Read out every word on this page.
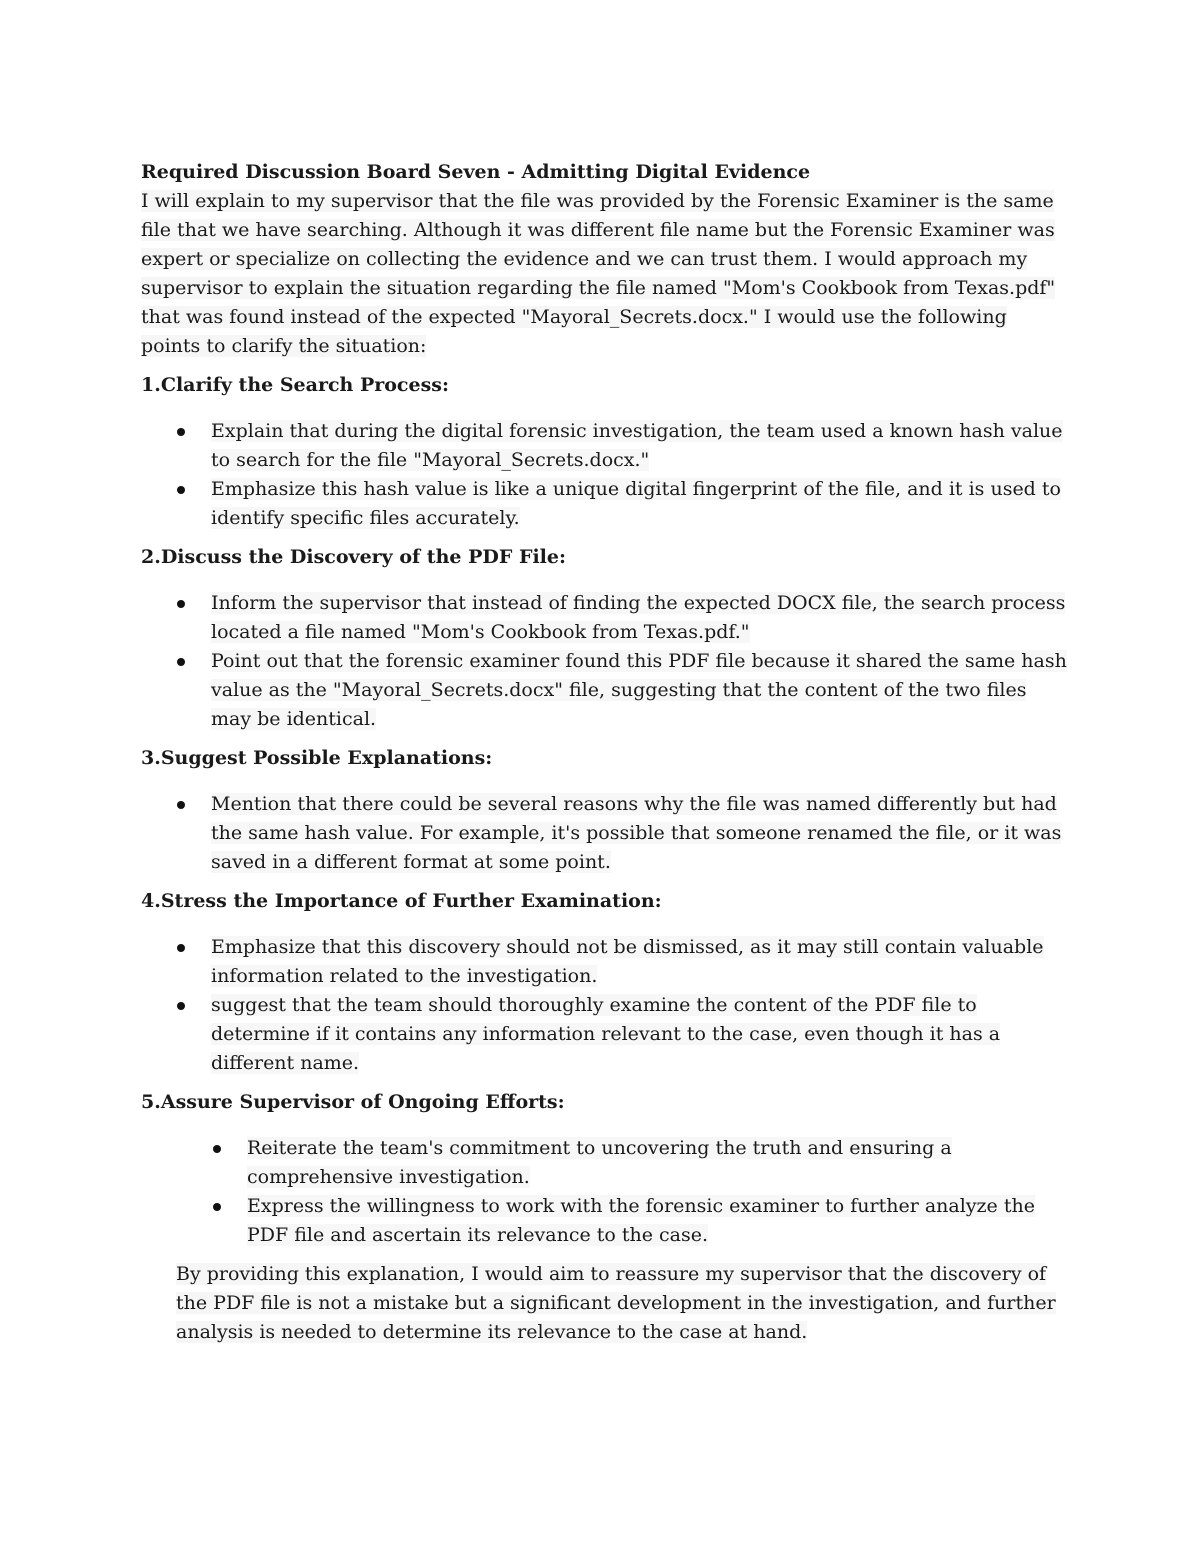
Required Discussion Board Seven - Admitting Digital Evidence

I will explain to my supervisor that the file was provided by the Forensic Examiner is the same file that we have searching. Although it was different file name but the Forensic Examiner was expert or specialize on collecting the evidence and we can trust them. I would approach my supervisor to explain the situation regarding the file named "Mom's Cookbook from Texas.pdf" that was found instead of the expected "Mayoral_Secrets.docx." I would use the following points to clarify the situation:

1.Clarify the Search Process:

Explain that during the digital forensic investigation, the team used a known hash value to search for the file "Mayoral_Secrets.docx."
Emphasize this hash value is like a unique digital fingerprint of the file, and it is used to identify specific files accurately.

2.Discuss the Discovery of the PDF File:

Inform the supervisor that instead of finding the expected DOCX file, the search process located a file named "Mom's Cookbook from Texas.pdf."
Point out that the forensic examiner found this PDF file because it shared the same hash value as the "Mayoral_Secrets.docx" file, suggesting that the content of the two files may be identical.

3.Suggest Possible Explanations:

Mention that there could be several reasons why the file was named differently but had the same hash value. For example, it's possible that someone renamed the file, or it was saved in a different format at some point.

4.Stress the Importance of Further Examination:

Emphasize that this discovery should not be dismissed, as it may still contain valuable information related to the investigation.
suggest that the team should thoroughly examine the content of the PDF file to determine if it contains any information relevant to the case, even though it has a different name.

5.Assure Supervisor of Ongoing Efforts:

Reiterate the team's commitment to uncovering the truth and ensuring a comprehensive investigation.
Express the willingness to work with the forensic examiner to further analyze the PDF file and ascertain its relevance to the case.

By providing this explanation, I would aim to reassure my supervisor that the discovery of the PDF file is not a mistake but a significant development in the investigation, and further analysis is needed to determine its relevance to the case at hand.
